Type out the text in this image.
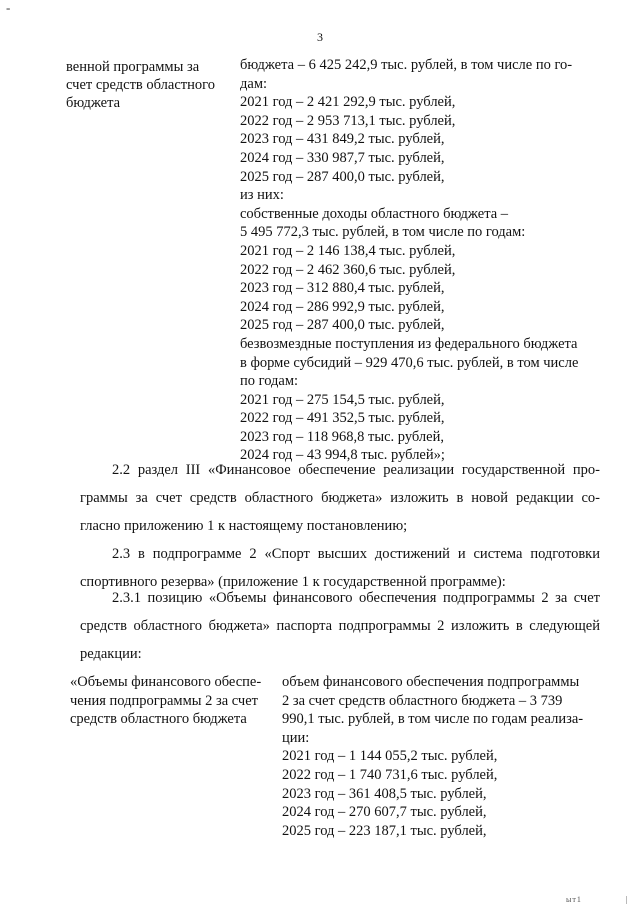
-
3
венной программы за
счет средств областного
бюджета
бюджета – 6 425 242,9 тыс. рублей, в том числе по го-
дам:
2021 год – 2 421 292,9 тыс. рублей,
2022 год – 2 953 713,1 тыс. рублей,
2023 год – 431 849,2 тыс. рублей,
2024 год – 330 987,7 тыс. рублей,
2025 год – 287 400,0 тыс. рублей,
из них:
собственные доходы областного бюджета –
5 495 772,3 тыс. рублей, в том числе по годам:
2021 год – 2 146 138,4 тыс. рублей,
2022 год – 2 462 360,6 тыс. рублей,
2023 год – 312 880,4 тыс. рублей,
2024 год – 286 992,9 тыс. рублей,
2025 год – 287 400,0 тыс. рублей,
безвозмездные поступления из федерального бюджета
в форме субсидий – 929 470,6 тыс. рублей, в том числе
по годам:
2021 год – 275 154,5 тыс. рублей,
2022 год – 491 352,5 тыс. рублей,
2023 год – 118 968,8 тыс. рублей,
2024 год – 43 994,8 тыс. рублей»;
2.2 раздел III «Финансовое обеспечение реализации государственной про-
граммы за счет средств областного бюджета» изложить в новой редакции со-
гласно приложению 1 к настоящему постановлению;
2.3 в подпрограмме 2 «Спорт высших достижений и система подготовки
спортивного резерва» (приложение 1 к государственной программе):
2.3.1 позицию «Объемы финансового обеспечения подпрограммы 2 за счет
средств областного бюджета» паспорта подпрограммы 2 изложить в следующей
редакции:
«Объемы финансового обеспе-
чения подпрограммы 2 за счет
средств областного бюджета
объем финансового обеспечения подпрограммы
2 за счет средств областного бюджета – 3 739
990,1 тыс. рублей, в том числе по годам реализа-
ции:
2021 год – 1 144 055,2 тыс. рублей,
2022 год – 1 740 731,6 тыс. рублей,
2023 год – 361 408,5 тыс. рублей,
2024 год – 270 607,7 тыс. рублей,
2025 год – 223 187,1 тыс. рублей,
ыт1	|
